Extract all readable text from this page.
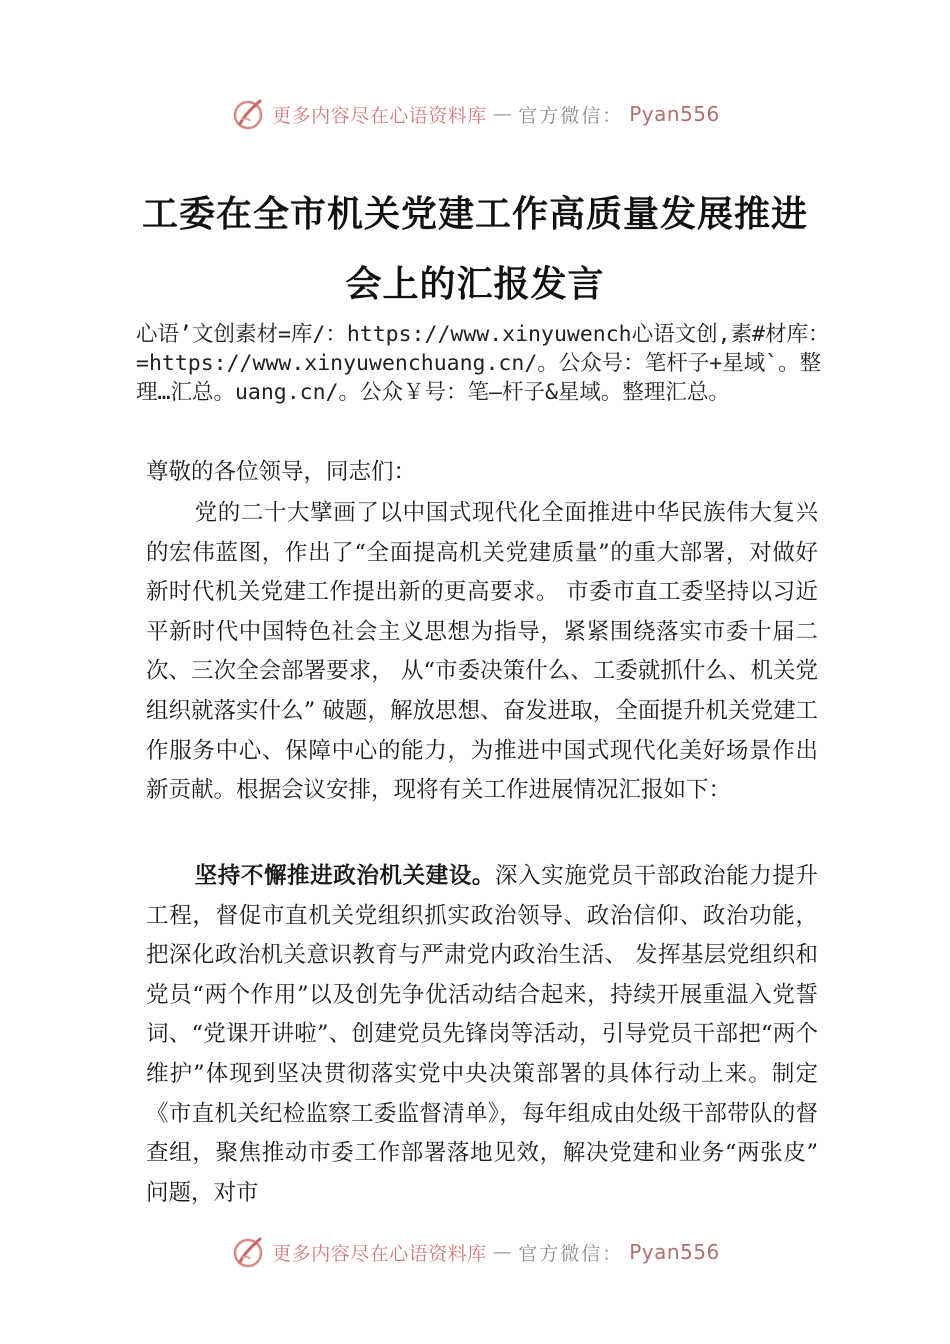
更多内容尽在心语资料库 — 官方微信： Pyan556
工委在全市机关党建工作高质量发展推进
会上的汇报发言
心语’文创素材=库/：https://www.xinyuwench心语文创,素#材库：=https://www.xinyuwenchuang.cn/。公众号：笔杆子+星域`。整理…汇总。uang.cn/。公众￥号：笔—杆子&星域。整理汇总。
尊敬的各位领导，同志们：
党的二十大擘画了以中国式现代化全面推进中华民族伟大复兴的宏伟蓝图，作出了“全面提高机关党建质量”的重大部署，对做好新时代机关党建工作提出新的更高要求。 市委市直工委坚持以习近平新时代中国特色社会主义思想为指导，紧紧围绕落实市委十届二次、三次全会部署要求， 从“市委决策什么、工委就抓什么、机关党组织就落实什么” 破题，解放思想、奋发进取，全面提升机关党建工作服务中心、保障中心的能力，为推进中国式现代化美好场景作出新贡献。根据会议安排，现将有关工作进展情况汇报如下：
坚持不懈推进政治机关建设。深入实施党员干部政治能力提升工程，督促市直机关党组织抓实政治领导、政治信仰、政治功能，把深化政治机关意识教育与严肃党内政治生活、 发挥基层党组织和党员“两个作用”以及创先争优活动结合起来，持续开展重温入党誓词、“党课开讲啦”、创建党员先锋岗等活动，引导党员干部把“两个维护”体现到坚决贯彻落实党中央决策部署的具体行动上来。制定《市直机关纪检监察工委监督清单》，每年组成由处级干部带队的督查组，聚焦推动市委工作部署落地见效，解决党建和业务“两张皮” 问题，对市
更多内容尽在心语资料库 — 官方微信： Pyan556
